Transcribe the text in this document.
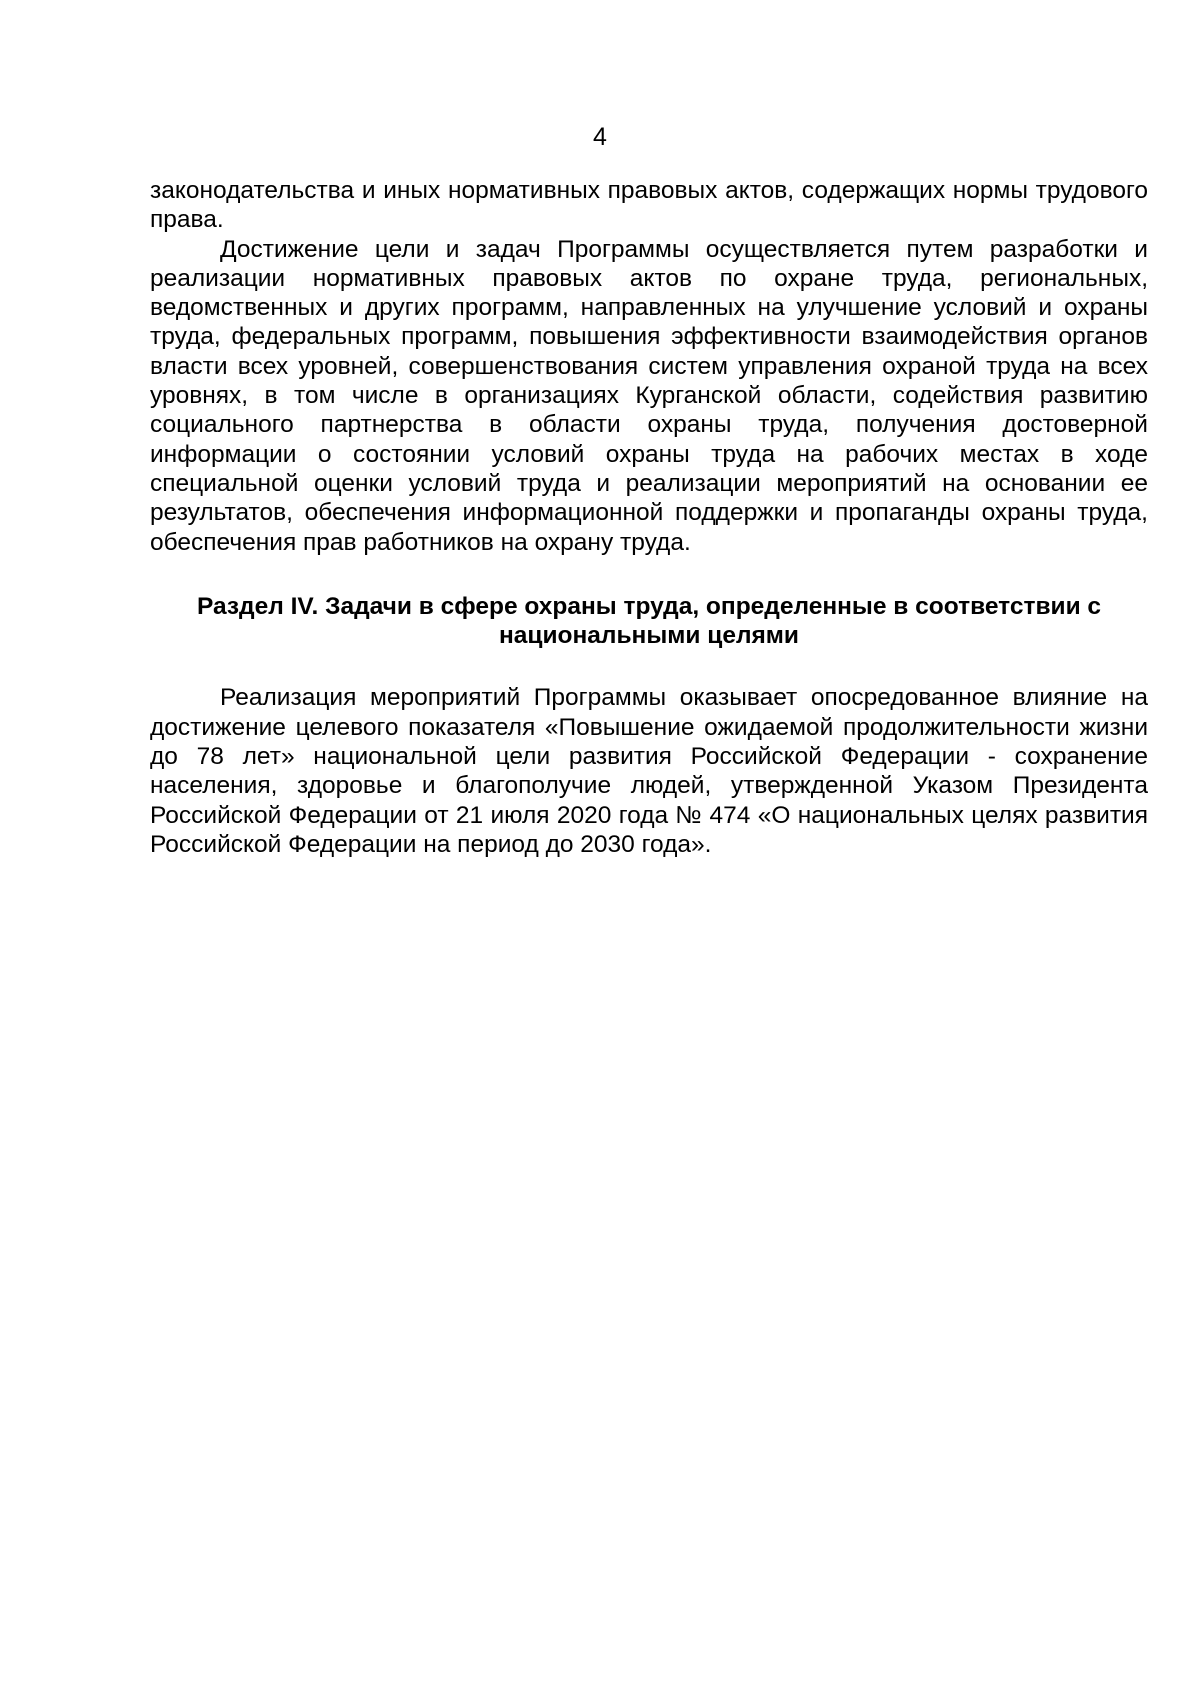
4

законодательства и иных нормативных правовых актов, содержащих нормы трудового права.

Достижение цели и задач Программы осуществляется путем разработки и реализации нормативных правовых актов по охране труда, региональных, ведомственных и других программ, направленных на улучшение условий и охраны труда, федеральных программ, повышения эффективности взаимодействия органов власти всех уровней, совершенствования систем управления охраной труда на всех уровнях, в том числе в организациях Курганской области, содействия развитию социального партнерства в области охраны труда, получения достоверной информации о состоянии условий охраны труда на рабочих местах в ходе специальной оценки условий труда и реализации мероприятий на основании ее результатов, обеспечения информационной поддержки и пропаганды охраны труда, обеспечения прав работников на охрану труда.

Раздел IV. Задачи в сфере охраны труда, определенные в соответствии с национальными целями

Реализация мероприятий Программы оказывает опосредованное влияние на достижение целевого показателя «Повышение ожидаемой продолжительности жизни до 78 лет» национальной цели развития Российской Федерации - сохранение населения, здоровье и благополучие людей, утвержденной Указом Президента Российской Федерации от 21 июля 2020 года № 474 «О национальных целях развития Российской Федерации на период до 2030 года».
